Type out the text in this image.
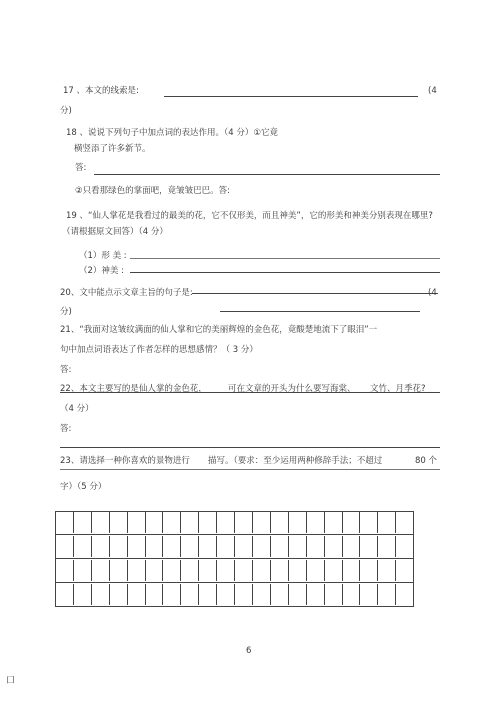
17 、本文的线索是:	(4
分)
18 、说说下列句子中加点词的表达作用。（4 分）①它竟
横竖添了许多新节。
答:
②只看那绿色的掌面吧，竟皱皱巴巴。答:
19 、“仙人掌花是我看过的最美的花，它不仅形美，而且神美”，它的形美和神美分别表现在哪里?
（请根据原文回答）（4 分）
（1）形 美 :
（2）神美 :
20、文中能点示文章主旨的句子是:	(4
分)
21、“我面对这皱纹满面的仙人掌和它的美丽辉煌的金色花，竟酸楚地流下了眼泪”一
句中加点词语表达了作者怎样的思想感情？（ 3 分）
答:
22、本文主要写的是仙人掌的金色花， 可在文章的开头为什么要写海棠、 文竹、月季花?
（4 分）
答:
23、请选择一种你喜欢的景物进行 描写。（要求：至少运用两种修辞手法；不超过	80 个
字）（5 分）
6
口
